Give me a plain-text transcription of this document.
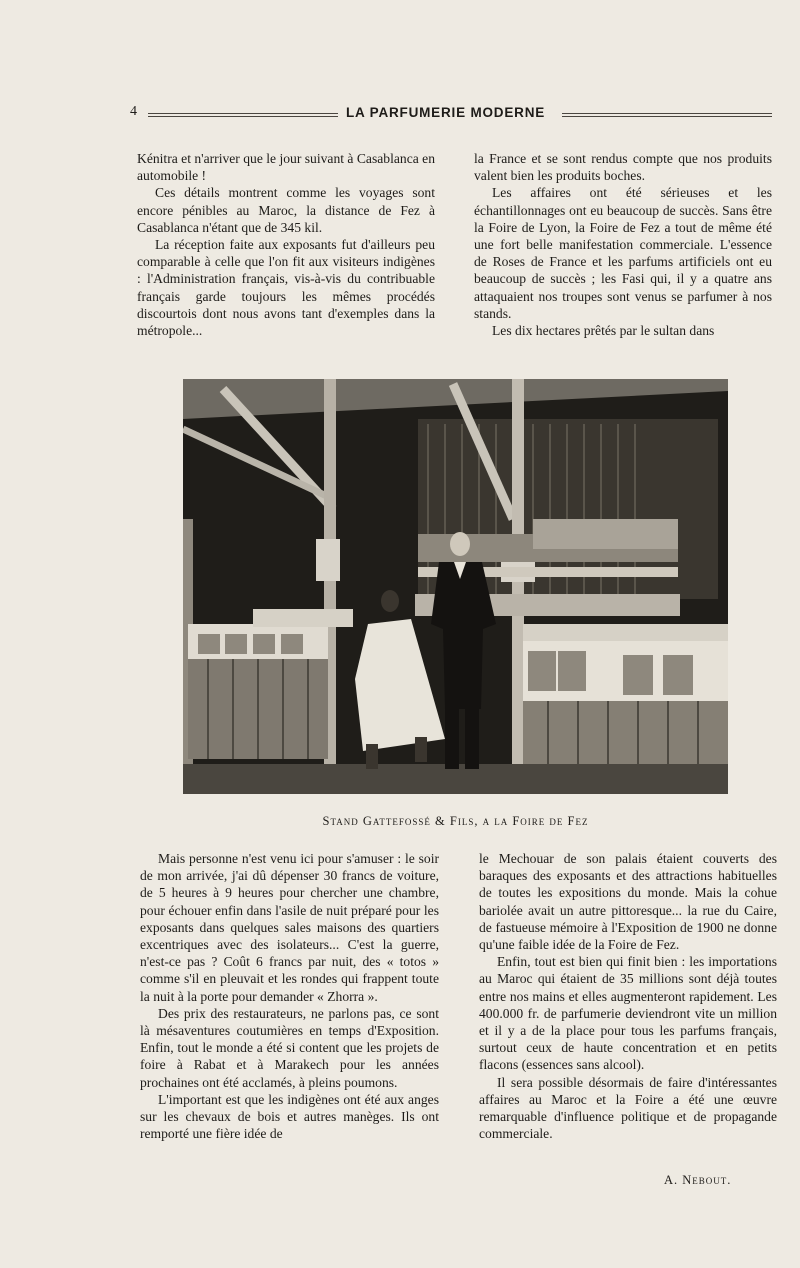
4	LA PARFUMERIE MODERNE

Kénitra et n'arriver que le jour suivant à Casablanca en automobile !

Ces détails montrent comme les voyages sont encore pénibles au Maroc, la distance de Fez à Casablanca n'étant que de 345 kil.

La réception faite aux exposants fut d'ailleurs peu comparable à celle que l'on fit aux visiteurs indigènes : l'Administration français, vis-à-vis du contribuable français garde toujours les mêmes procédés discourtois dont nous avons tant d'exemples dans la métropole...

la France et se sont rendus compte que nos produits valent bien les produits boches.

Les affaires ont été sérieuses et les échantillonnages ont eu beaucoup de succès. Sans être la Foire de Lyon, la Foire de Fez a tout de même été une fort belle manifestation commerciale. L'essence de Roses de France et les parfums artificiels ont eu beaucoup de succès ; les Fasi qui, il y a quatre ans attaquaient nos troupes sont venus se parfumer à nos stands.

Les dix hectares prêtés par le sultan dans

Stand Gattefossé & Fils, a la Foire de Fez

Mais personne n'est venu ici pour s'amuser : le soir de mon arrivée, j'ai dû dépenser 30 francs de voiture, de 5 heures à 9 heures pour chercher une chambre, pour échouer enfin dans l'asile de nuit préparé pour les exposants dans quelques sales maisons des quartiers excentriques avec des isolateurs... C'est la guerre, n'est-ce pas ? Coût 6 francs par nuit, des « totos » comme s'il en pleuvait et les rondes qui frappent toute la nuit à la porte pour demander « Zhorra ».

Des prix des restaurateurs, ne parlons pas, ce sont là mésaventures coutumières en temps d'Exposition. Enfin, tout le monde a été si content que les projets de foire à Rabat et à Marakech pour les années prochaines ont été acclamés, à pleins poumons.

L'important est que les indigènes ont été aux anges sur les chevaux de bois et autres manèges. Ils ont remporté une fière idée de

le Mechouar de son palais étaient couverts des baraques des exposants et des attractions habituelles de toutes les expositions du monde. Mais la cohue bariolée avait un autre pittoresque... la rue du Caire, de fastueuse mémoire à l'Exposition de 1900 ne donne qu'une faible idée de la Foire de Fez.

Enfin, tout est bien qui finit bien : les importations au Maroc qui étaient de 35 millions sont déjà toutes entre nos mains et elles augmenteront rapidement. Les 400.000 fr. de parfumerie deviendront vite un million et il y a de la place pour tous les parfums français, surtout ceux de haute concentration et en petits flacons (essences sans alcool).

Il sera possible désormais de faire d'intéressantes affaires au Maroc et la Foire a été une œuvre remarquable d'influence politique et de propagande commerciale.

A. Nebout.
